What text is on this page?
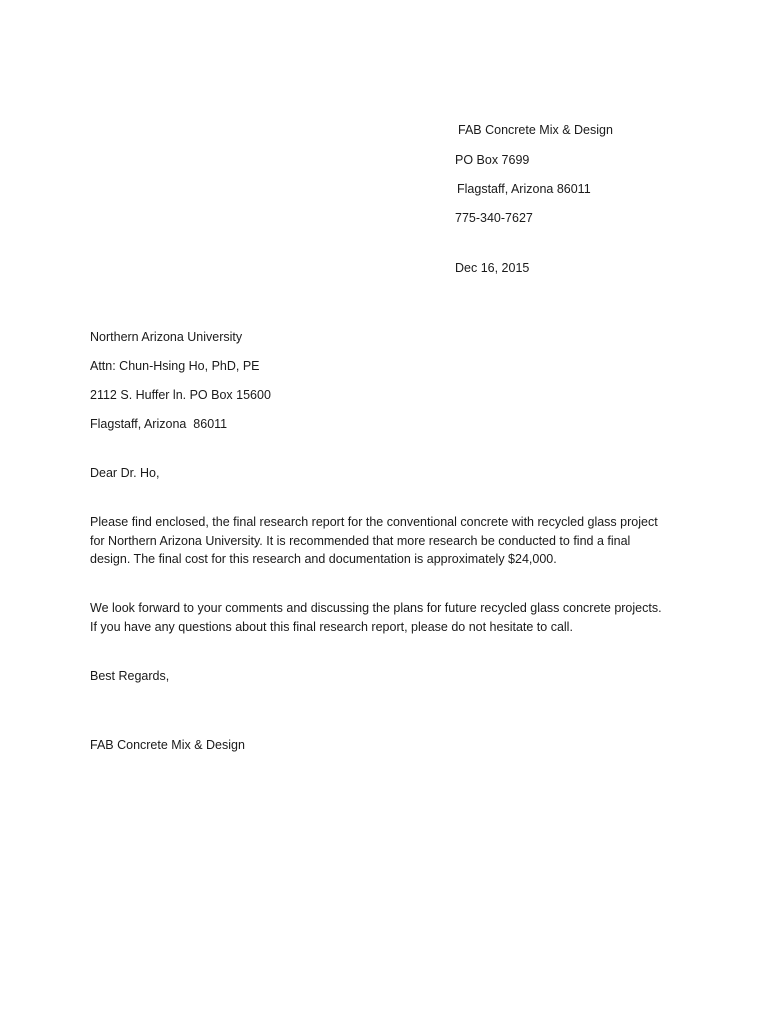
FAB Concrete Mix & Design
PO Box 7699
Flagstaff, Arizona 86011
775-340-7627
Dec 16, 2015
Northern Arizona University
Attn: Chun-Hsing Ho, PhD, PE
2112 S. Huffer ln. PO Box 15600
Flagstaff, Arizona  86011
Dear Dr. Ho,
Please find enclosed, the final research report for the conventional concrete with recycled glass project
for Northern Arizona University. It is recommended that more research be conducted to find a final
design. The final cost for this research and documentation is approximately $24,000.
We look forward to your comments and discussing the plans for future recycled glass concrete projects.
If you have any questions about this final research report, please do not hesitate to call.
Best Regards,
FAB Concrete Mix & Design
